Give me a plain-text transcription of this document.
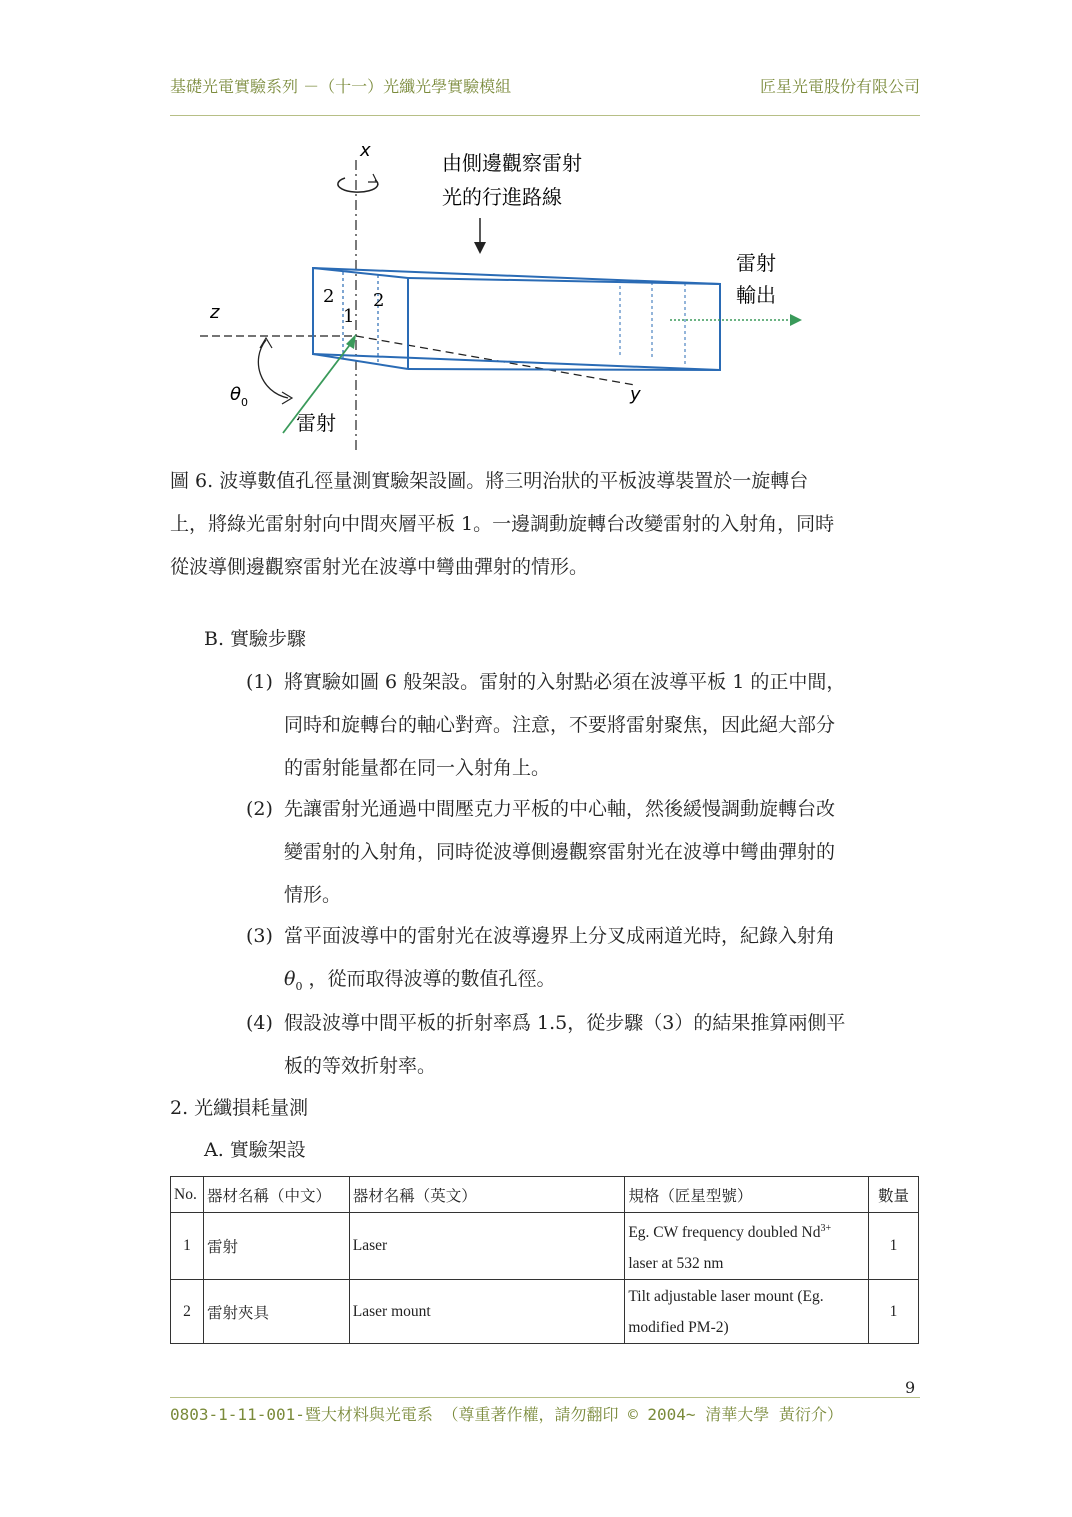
基礎光電實驗系列 －（十一）光纖光學實驗模組	匠星光電股份有限公司
x
z
y
θ 0
由側邊觀察雷射
光的行進路線
雷射
輸出
雷射
2
1
2
圖 6. 波導數值孔徑量測實驗架設圖。將三明治狀的平板波導裝置於一旋轉台
上，將綠光雷射射向中間夾層平板 1。一邊調動旋轉台改變雷射的入射角，同時
從波導側邊觀察雷射光在波導中彎曲彈射的情形。
B. 實驗步驟
(1) 將實驗如圖 6 般架設。雷射的入射點必須在波導平板 1 的正中間，
同時和旋轉台的軸心對齊。注意，不要將雷射聚焦，因此絕大部分
的雷射能量都在同一入射角上。
(2) 先讓雷射光通過中間壓克力平板的中心軸，然後緩慢調動旋轉台改
變雷射的入射角，同時從波導側邊觀察雷射光在波導中彎曲彈射的
情形。
(3) 當平面波導中的雷射光在波導邊界上分叉成兩道光時，紀錄入射角
$\theta_0$ ，從而取得波導的數值孔徑。
(4) 假設波導中間平板的折射率爲 1.5，從步驟（3）的結果推算兩側平
板的等效折射率。
2. 光纖損耗量測
A. 實驗架設
No.	器材名稱（中文）	器材名稱（英文）	規格（匠星型號）	數量
1	雷射	Laser	Eg. CW frequency doubled $Nd^{3+}$
laser at 532 nm	1
2	雷射夾具	Laser mount	Tilt adjustable laser mount (Eg.
modified PM-2)	1
9
0803-1-11-001-暨大材料與光電系 （尊重著作權，請勿翻印 © 2004~ 清華大學 黃衍介）
